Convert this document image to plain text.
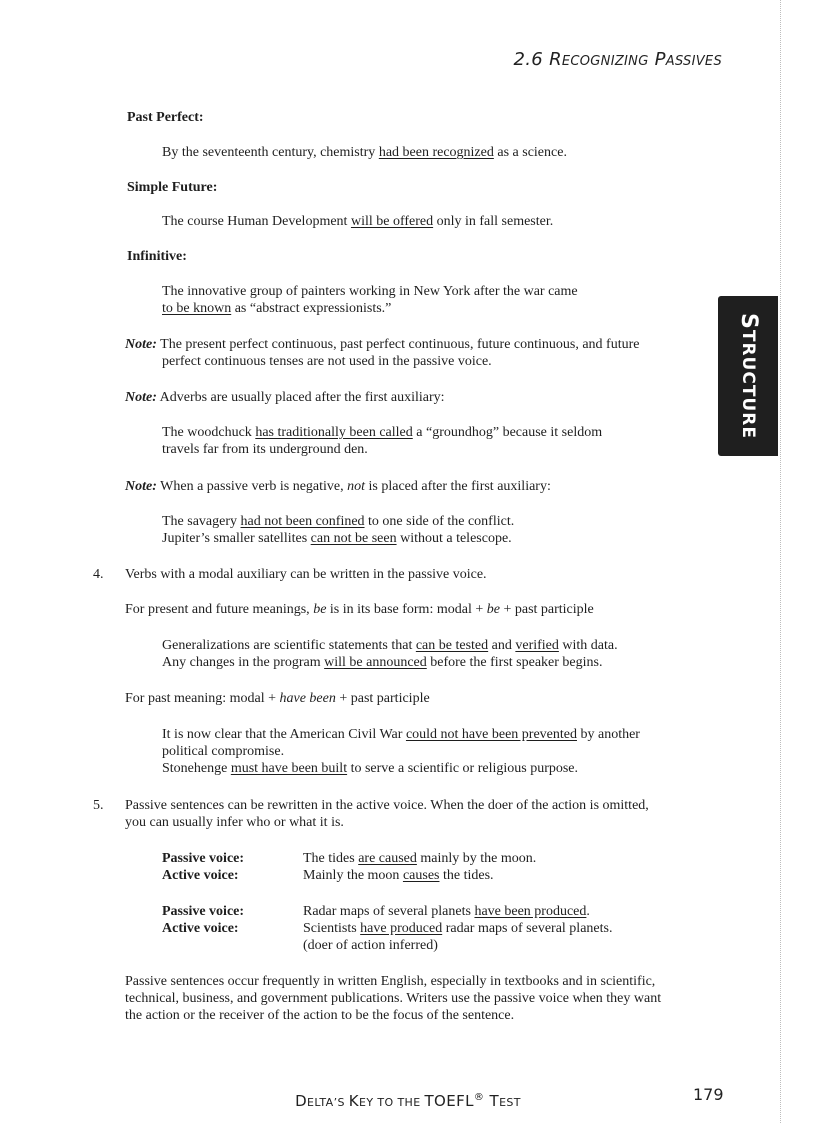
2.6 RECOGNIZING PASSIVES
STRUCTURE
Past Perfect:
By the seventeenth century, chemistry had been recognized as a science.
Simple Future:
The course Human Development will be offered only in fall semester.
Infinitive:
The innovative group of painters working in New York after the war came
to be known as “abstract expressionists.”
Note: The present perfect continuous, past perfect continuous, future continuous, and future
perfect continuous tenses are not used in the passive voice.
Note: Adverbs are usually placed after the first auxiliary:
The woodchuck has traditionally been called a “groundhog” because it seldom
travels far from its underground den.
Note: When a passive verb is negative, not is placed after the first auxiliary:
The savagery had not been confined to one side of the conflict.
Jupiter’s smaller satellites can not be seen without a telescope.
4. Verbs with a modal auxiliary can be written in the passive voice.
For present and future meanings, be is in its base form: modal + be + past participle
Generalizations are scientific statements that can be tested and verified with data.
Any changes in the program will be announced before the first speaker begins.
For past meaning: modal + have been + past participle
It is now clear that the American Civil War could not have been prevented by another
political compromise.
Stonehenge must have been built to serve a scientific or religious purpose.
5. Passive sentences can be rewritten in the active voice. When the doer of the action is omitted,
you can usually infer who or what it is.
Passive voice:	The tides are caused mainly by the moon.
Active voice:	Mainly the moon causes the tides.
Passive voice:	Radar maps of several planets have been produced.
Active voice:	Scientists have produced radar maps of several planets.
(doer of action inferred)
Passive sentences occur frequently in written English, especially in textbooks and in scientific,
technical, business, and government publications. Writers use the passive voice when they want
the action or the receiver of the action to be the focus of the sentence.
DELTA’S KEY TO THE TOEFL® TEST	179
